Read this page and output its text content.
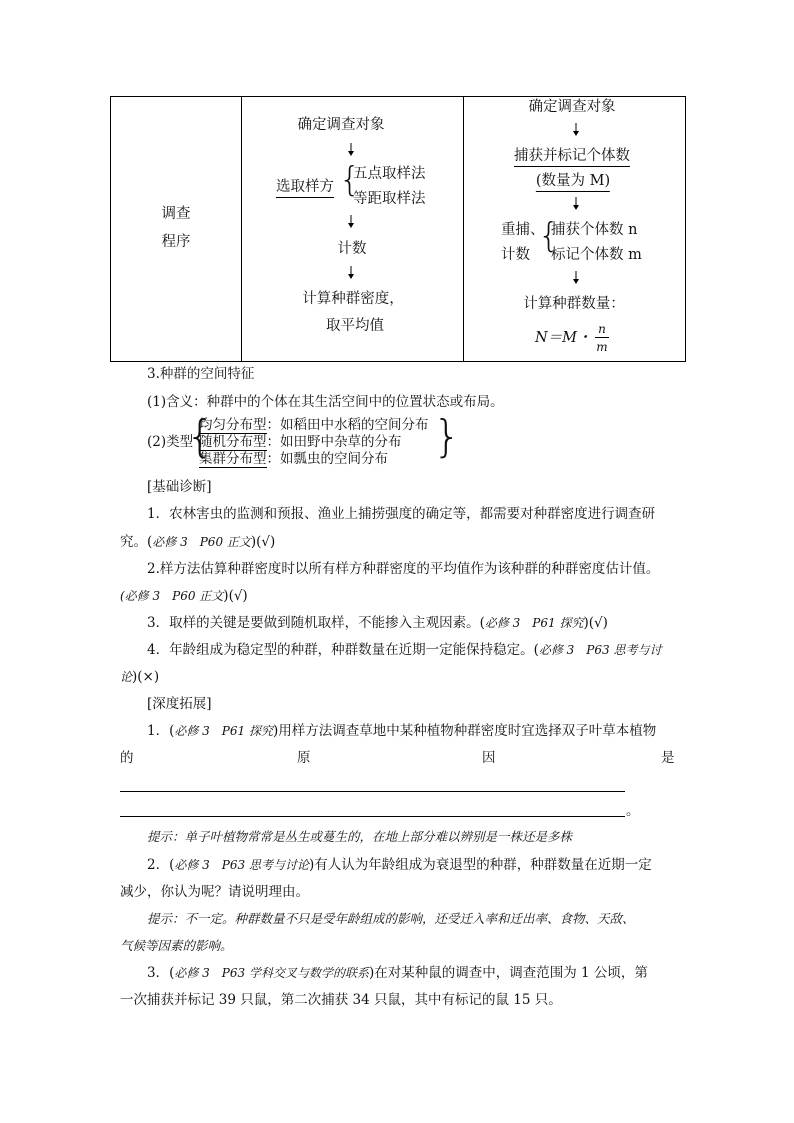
调查
程序
确定调查对象
选取样方 {
五点取样法
等距取样法
计数
计算种群密度，
取平均值
确定调查对象
捕获并标记个体数
(数量为 M)
重捕、
计数 {
捕获个体数 n
标记个体数 m
计算种群数量：
N＝M・
n
m
3.种群的空间特征
(1)含义：种群中的个体在其生活空间中的位置状态或布局。
(2)类型
{
均匀分布型：如稻田中水稻的空间分布
随机分布型：如田野中杂草的分布
集群分布型：如瓢虫的空间分布 }
[基础诊断]
1．农林害虫的监测和预报、渔业上捕捞强度的确定等，都需要对种群密度进行调查研
究。(必修 3　P60 正文)(√)
2.样方法估算种群密度时以所有样方种群密度的平均值作为该种群的种群密度估计值。
(必修 3　P60 正文)(√)
3．取样的关键是要做到随机取样，不能掺入主观因素。(必修 3　P61 探究)(√)
4．年龄组成为稳定型的种群，种群数量在近期一定能保持稳定。(必修 3　P63 思考与讨
论)(×)
[深度拓展]
1．(必修 3　P61 探究)用样方法调查草地中某种植物种群密度时宜选择双子叶草本植物
的	原	因	是
。
提示：单子叶植物常常是丛生或蔓生的，在地上部分难以辨别是一株还是多株
2．(必修 3　P63 思考与讨论)有人认为年龄组成为衰退型的种群，种群数量在近期一定
减少，你认为呢？请说明理由。
提示：不一定。种群数量不只是受年龄组成的影响，还受迁入率和迁出率、食物、天敌、
气候等因素的影响。
3．(必修 3　P63 学科交叉与数学的联系)在对某种鼠的调查中，调查范围为 1 公顷，第
一次捕获并标记 39 只鼠，第二次捕获 34 只鼠，其中有标记的鼠 15 只。
